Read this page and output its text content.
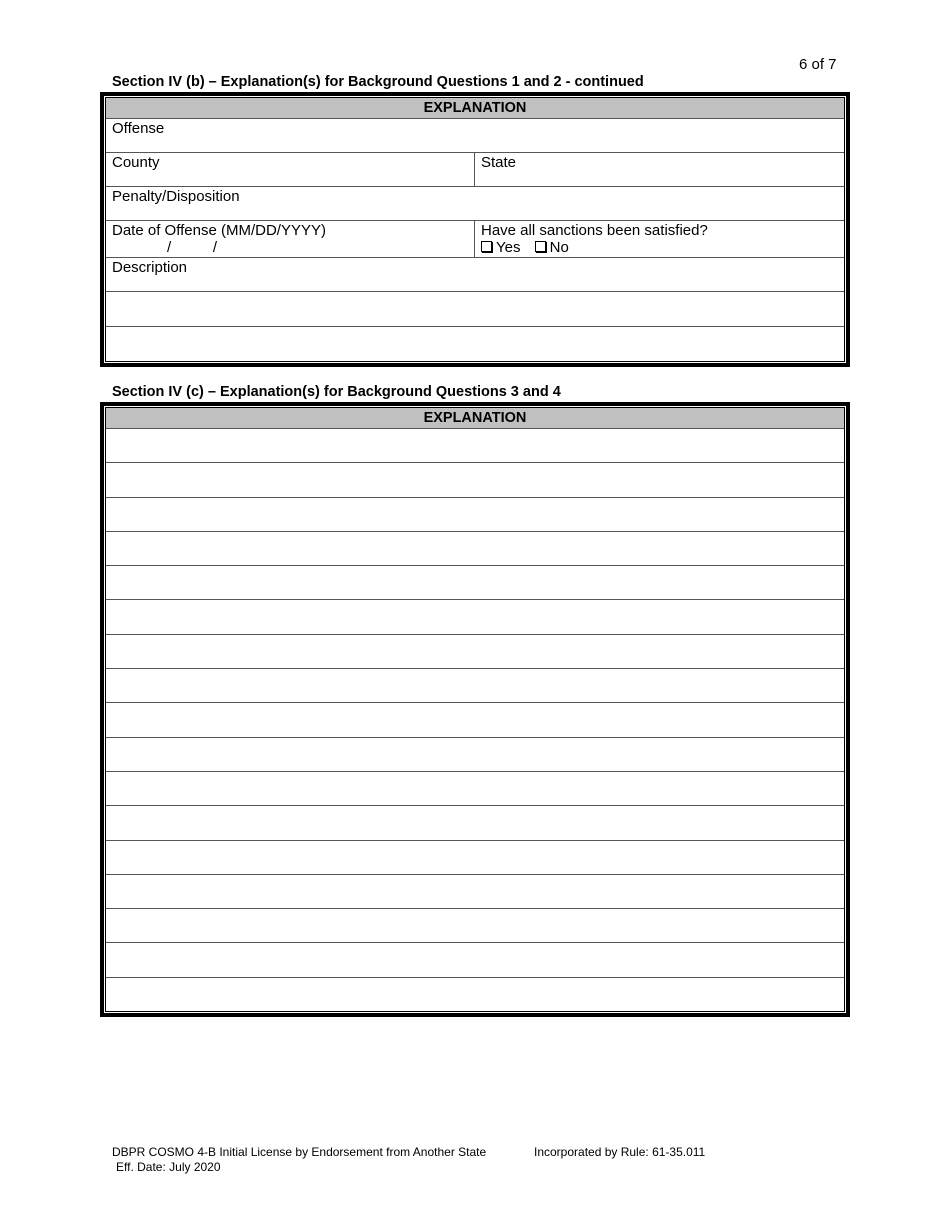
6 of 7
Section IV (b) – Explanation(s) for Background Questions 1 and 2 - continued
EXPLANATION
Offense
County	State
Penalty/Disposition
Date of Offense (MM/DD/YYYY)
/          /
Have all sanctions been satisfied?
Yes No
Description
Section IV (c) – Explanation(s) for Background Questions 3 and 4
EXPLANATION
DBPR COSMO 4-B Initial License by Endorsement from Another State
Eff. Date: July 2020
Incorporated by Rule: 61-35.011
